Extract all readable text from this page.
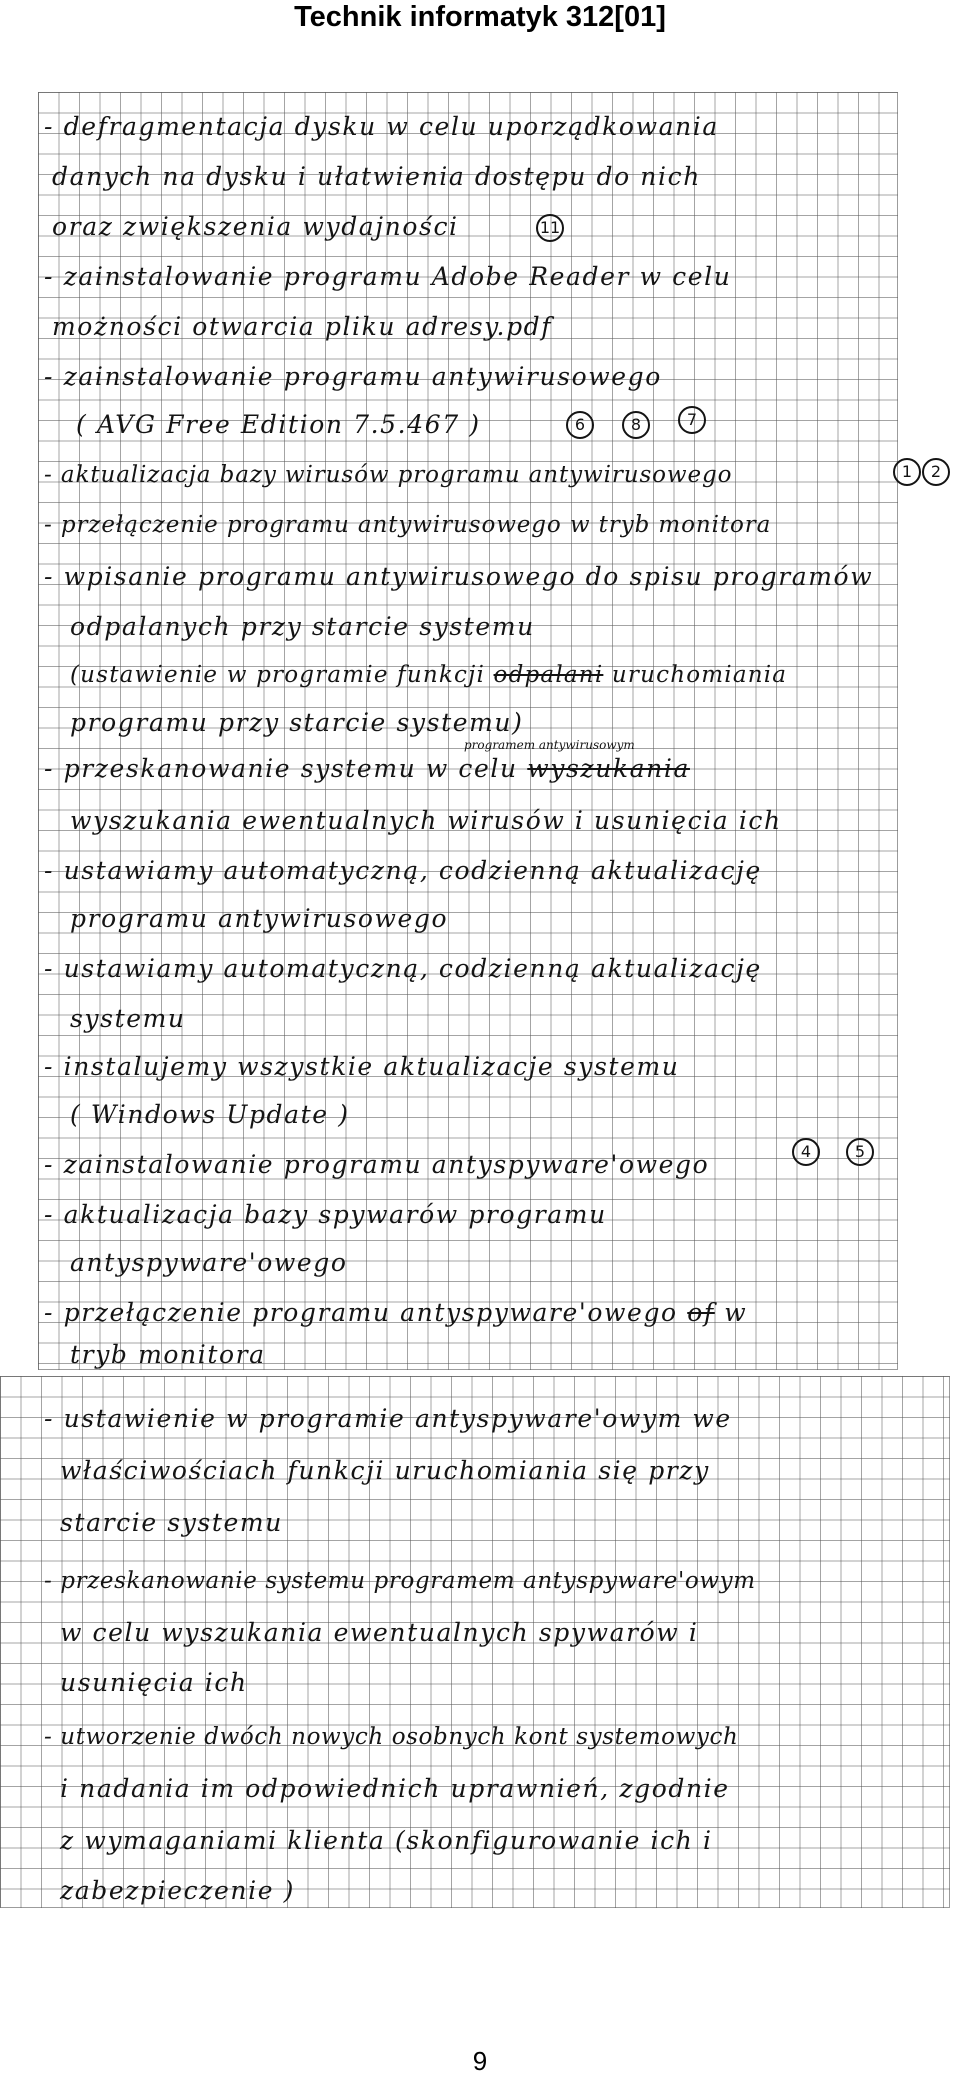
Technik informatyk 312[01]
- defragmentacja dysku w celu uporządkowania
danych na dysku i ułatwienia dostępu do nich
oraz zwiększenia wydajności	11
- zainstalowanie programu Adobe Reader w celu
możności otwarcia pliku adresy.pdf
- zainstalowanie programu antywirusowego
( AVG Free Edition 7.5.467 )	6	8	7
- aktualizacja bazy wirusów programu antywirusowego	1	2
- przełączenie programu antywirusowego w tryb monitora
- wpisanie programu antywirusowego do spisu programów
odpalanych przy starcie systemu
(ustawienie w programie funkcji odpalani uruchomiania
programu przy starcie systemu)
programem antywirusowym
- przeskanowanie systemu w celu wyszukania
wyszukania ewentualnych wirusów i usunięcia ich
- ustawiamy automatyczną, codzienną aktualizację
programu antywirusowego
- ustawiamy automatyczną, codzienną aktualizację
systemu
- instalujemy wszystkie aktualizacje systemu
( Windows Update )
- zainstalowanie programu antyspyware'owego	4	5
- aktualizacja bazy spywarów programu
antyspyware'owego
- przełączenie programu antyspyware'owego of w
tryb monitora
- ustawienie w programie antyspyware'owym we
właściwościach funkcji uruchomiania się przy
starcie systemu
- przeskanowanie systemu programem antyspyware'owym
w celu wyszukania ewentualnych spywarów i
usunięcia ich
- utworzenie dwóch nowych osobnych kont systemowych
i nadania im odpowiednich uprawnień, zgodnie
z wymaganiami klienta (skonfigurowanie ich i
zabezpieczenie )
9
